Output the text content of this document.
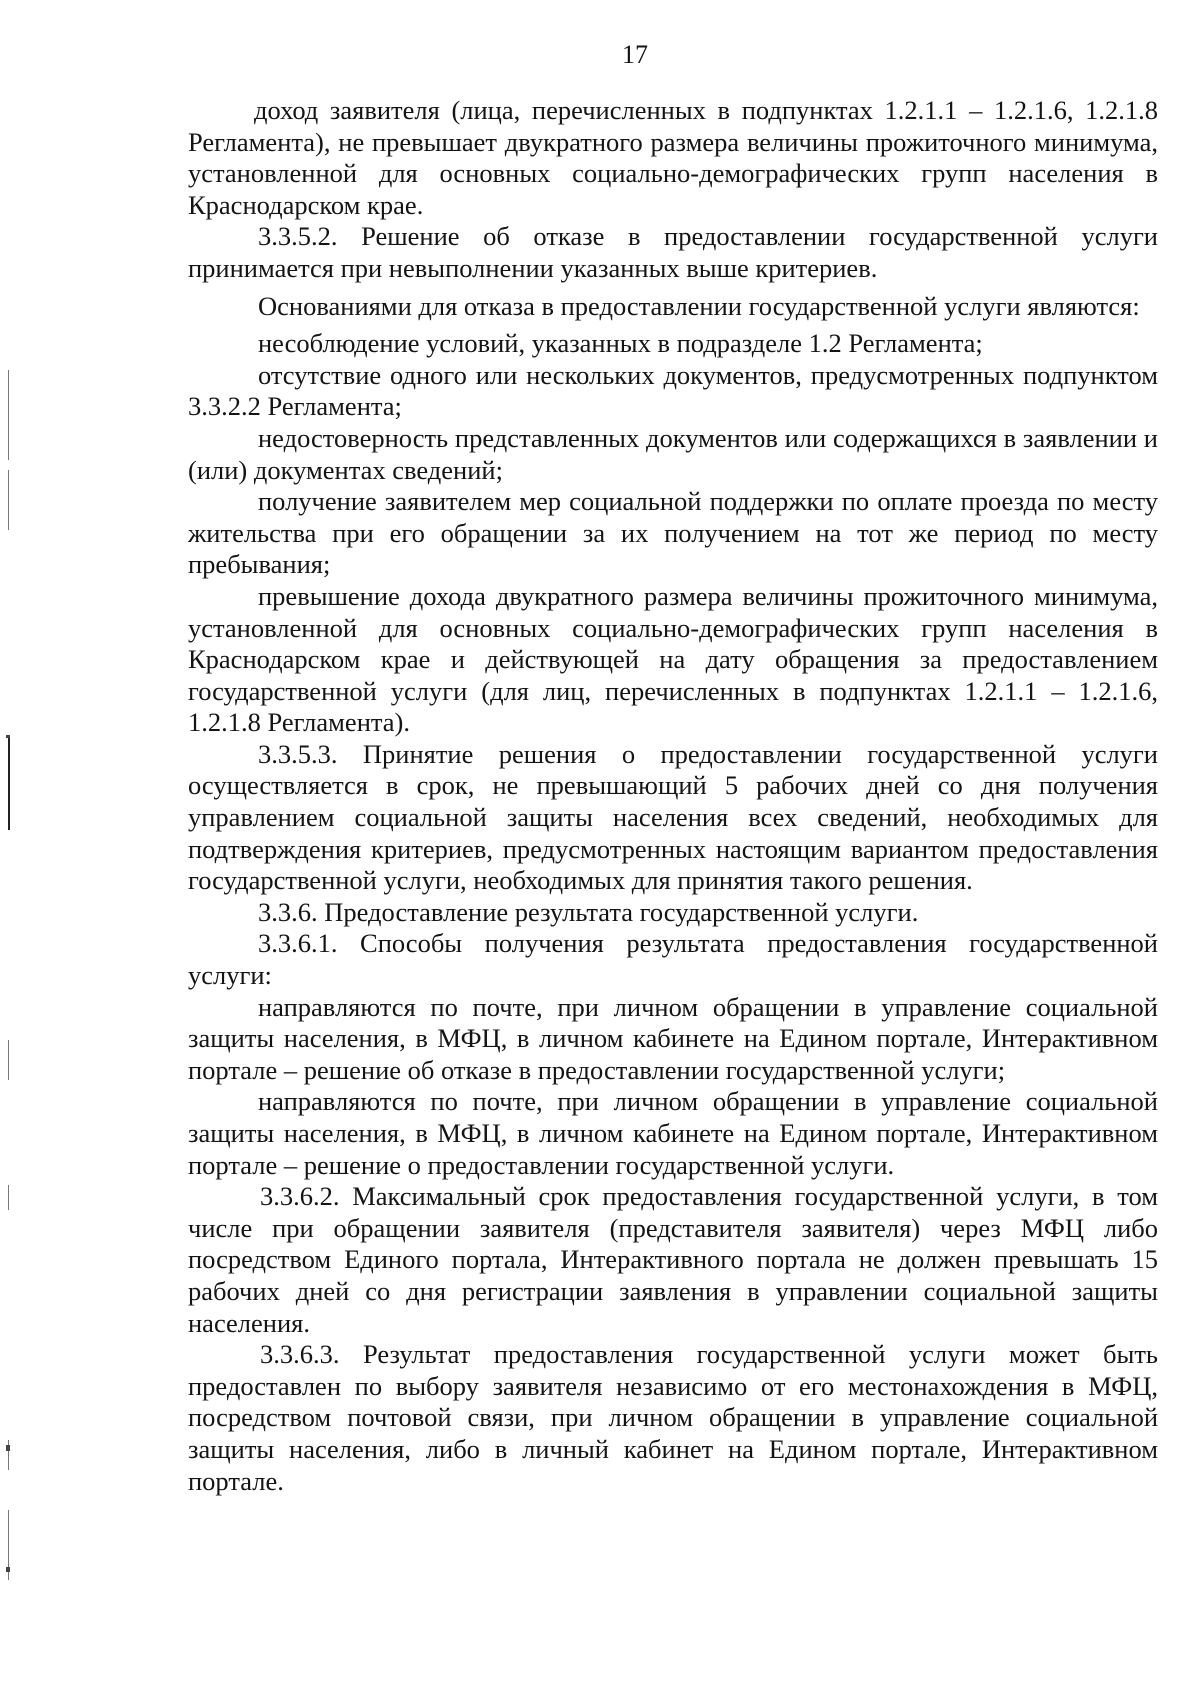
17

доход заявителя (лица, перечисленных в подпунктах 1.2.1.1 – 1.2.1.6, 1.2.1.8 Регламента), не превышает двукратного размера величины прожиточного минимума, установленной для основных социально-демографических групп населения в Краснодарском крае.

3.3.5.2. Решение об отказе в предоставлении государственной услуги принимается при невыполнении указанных выше критериев.

Основаниями для отказа в предоставлении государственной услуги являются:

несоблюдение условий, указанных в подразделе 1.2 Регламента;

отсутствие одного или нескольких документов, предусмотренных подпунктом 3.3.2.2 Регламента;

недостоверность представленных документов или содержащихся в заявлении и (или) документах сведений;

получение заявителем мер социальной поддержки по оплате проезда по месту жительства при его обращении за их получением на тот же период по месту пребывания;

превышение дохода двукратного размера величины прожиточного минимума, установленной для основных социально-демографических групп населения в Краснодарском крае и действующей на дату обращения за предоставлением государственной услуги (для лиц, перечисленных в подпунктах 1.2.1.1 – 1.2.1.6, 1.2.1.8 Регламента).

3.3.5.3. Принятие решения о предоставлении государственной услуги осуществляется в срок, не превышающий 5 рабочих дней со дня получения управлением социальной защиты населения всех сведений, необходимых для подтверждения критериев, предусмотренных настоящим вариантом предоставления государственной услуги, необходимых для принятия такого решения.

3.3.6. Предоставление результата государственной услуги.

3.3.6.1. Способы получения результата предоставления государственной услуги:

направляются по почте, при личном обращении в управление социальной защиты населения, в МФЦ, в личном кабинете на Едином портале, Интерактивном портале – решение об отказе в предоставлении государственной услуги;

направляются по почте, при личном обращении в управление социальной защиты населения, в МФЦ, в личном кабинете на Едином портале, Интерактивном портале – решение о предоставлении государственной услуги.

3.3.6.2. Максимальный срок предоставления государственной услуги, в том числе при обращении заявителя (представителя заявителя) через МФЦ либо посредством Единого портала, Интерактивного портала не должен превышать 15 рабочих дней со дня регистрации заявления в управлении социальной защиты населения.

3.3.6.3. Результат предоставления государственной услуги может быть предоставлен по выбору заявителя независимо от его местонахождения в МФЦ, посредством почтовой связи, при личном обращении в управление социальной защиты населения, либо в личный кабинет на Едином портале, Интерактивном портале.
